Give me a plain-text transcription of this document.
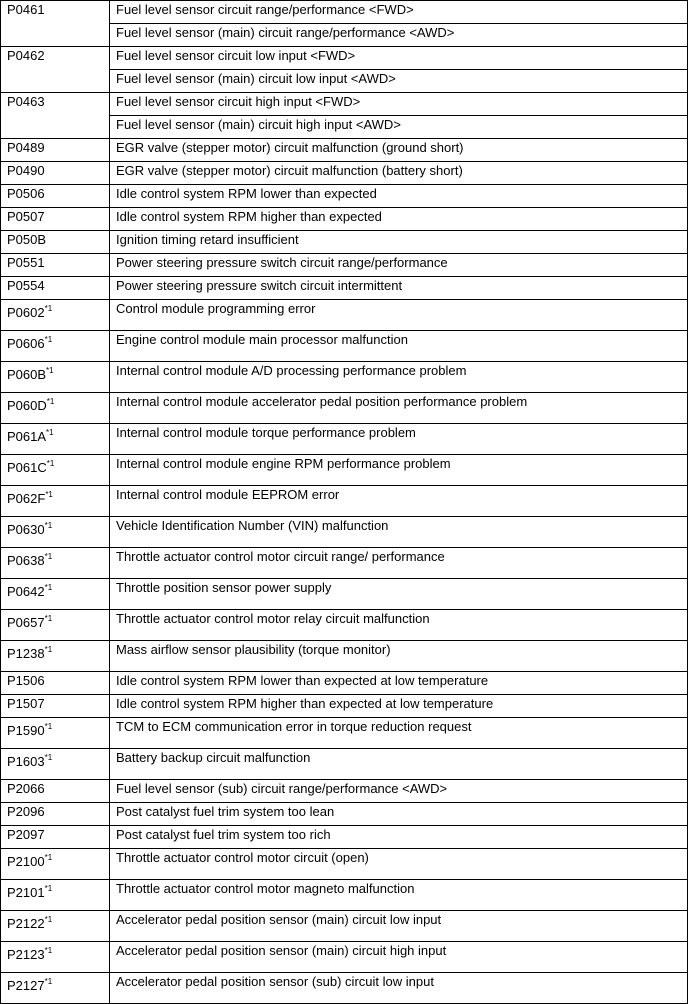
P0461	Fuel level sensor circuit range/performance <FWD>
	Fuel level sensor (main) circuit range/performance <AWD>
P0462	Fuel level sensor circuit low input <FWD>
	Fuel level sensor (main) circuit low input <AWD>
P0463	Fuel level sensor circuit high input <FWD>
	Fuel level sensor (main) circuit high input <AWD>
P0489	EGR valve (stepper motor) circuit malfunction (ground short)
P0490	EGR valve (stepper motor) circuit malfunction (battery short)
P0506	Idle control system RPM lower than expected
P0507	Idle control system RPM higher than expected
P050B	Ignition timing retard insufficient
P0551	Power steering pressure switch circuit range/performance
P0554	Power steering pressure switch circuit intermittent
P0602$^{*1}$	Control module programming error
P0606$^{*1}$	Engine control module main processor malfunction
$P060B^{*1}$	Internal control module A/D processing performance problem
$P060D^{*1}$	Internal control module accelerator pedal position performance problem
$P061A^{*1}$	Internal control module torque performance problem
$P061C^{*1}$	Internal control module engine RPM performance problem
$P062F^{*1}$	Internal control module EEPROM error
P0630$^{*1}$	Vehicle Identification Number (VIN) malfunction
P0638$^{*1}$	Throttle actuator control motor circuit range/ performance
P0642$^{*1}$	Throttle position sensor power supply
P0657$^{*1}$	Throttle actuator control motor relay circuit malfunction
P1238$^{*1}$	Mass airflow sensor plausibility (torque monitor)
P1506	Idle control system RPM lower than expected at low temperature
P1507	Idle control system RPM higher than expected at low temperature
P1590$^{*1}$	TCM to ECM communication error in torque reduction request
P1603$^{*1}$	Battery backup circuit malfunction
P2066	Fuel level sensor (sub) circuit range/performance <AWD>
P2096	Post catalyst fuel trim system too lean
P2097	Post catalyst fuel trim system too rich
P2100$^{*1}$	Throttle actuator control motor circuit (open)
P2101$^{*1}$	Throttle actuator control motor magneto malfunction
P2122$^{*1}$	Accelerator pedal position sensor (main) circuit low input
P2123$^{*1}$	Accelerator pedal position sensor (main) circuit high input
P2127$^{*1}$	Accelerator pedal position sensor (sub) circuit low input
